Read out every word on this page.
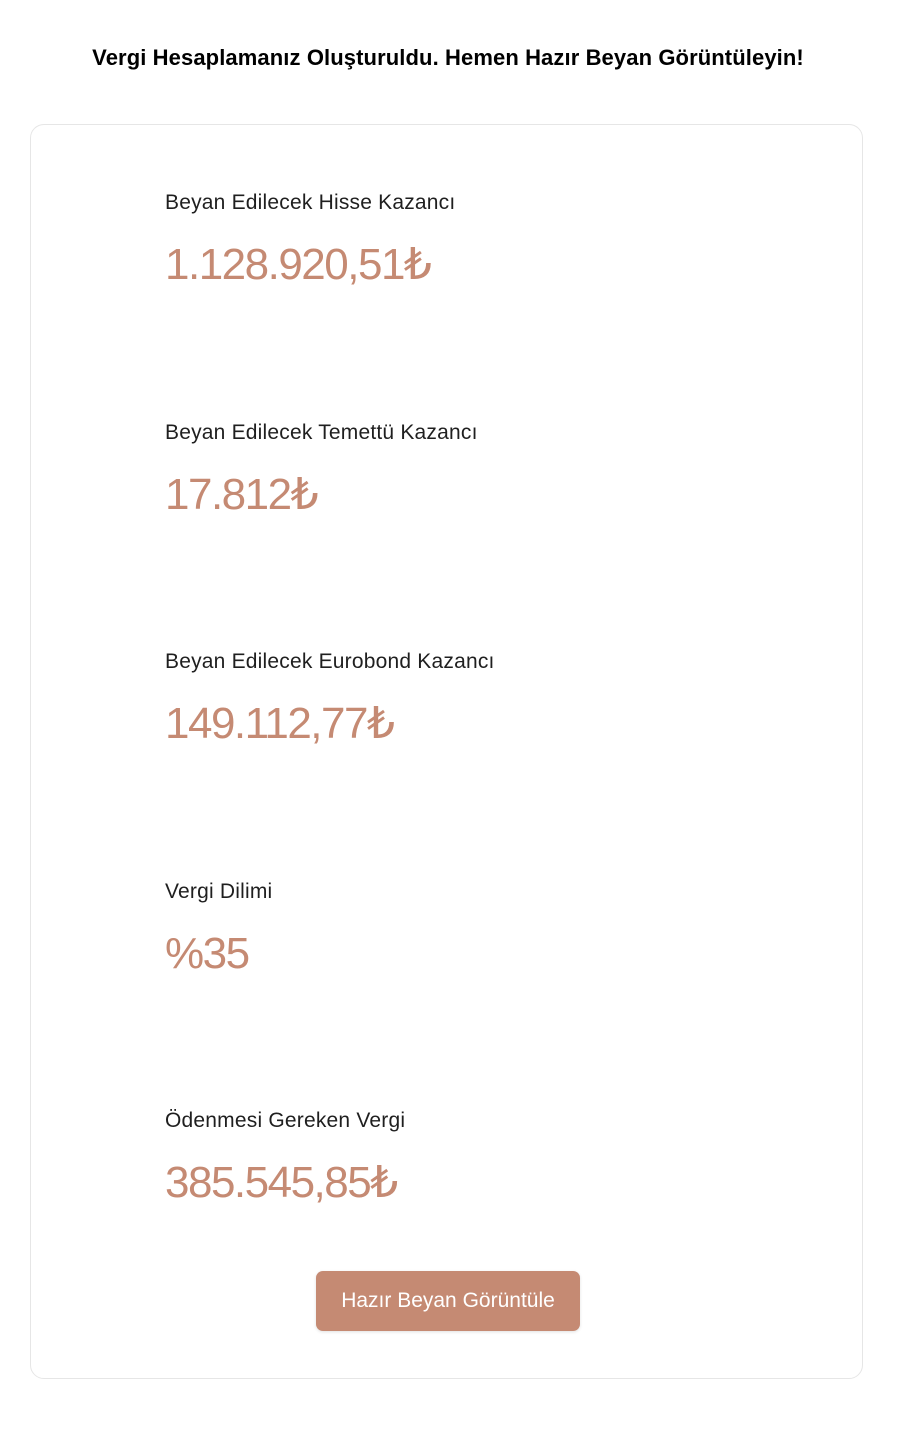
Vergi Hesaplamanız Oluşturuldu. Hemen Hazır Beyan Görüntüleyin!
Beyan Edilecek Hisse Kazancı
1.128.920,51₺
Beyan Edilecek Temettü Kazancı
17.812₺
Beyan Edilecek Eurobond Kazancı
149.112,77₺
Vergi Dilimi
%35
Ödenmesi Gereken Vergi
385.545,85₺
Hazır Beyan Görüntüle
